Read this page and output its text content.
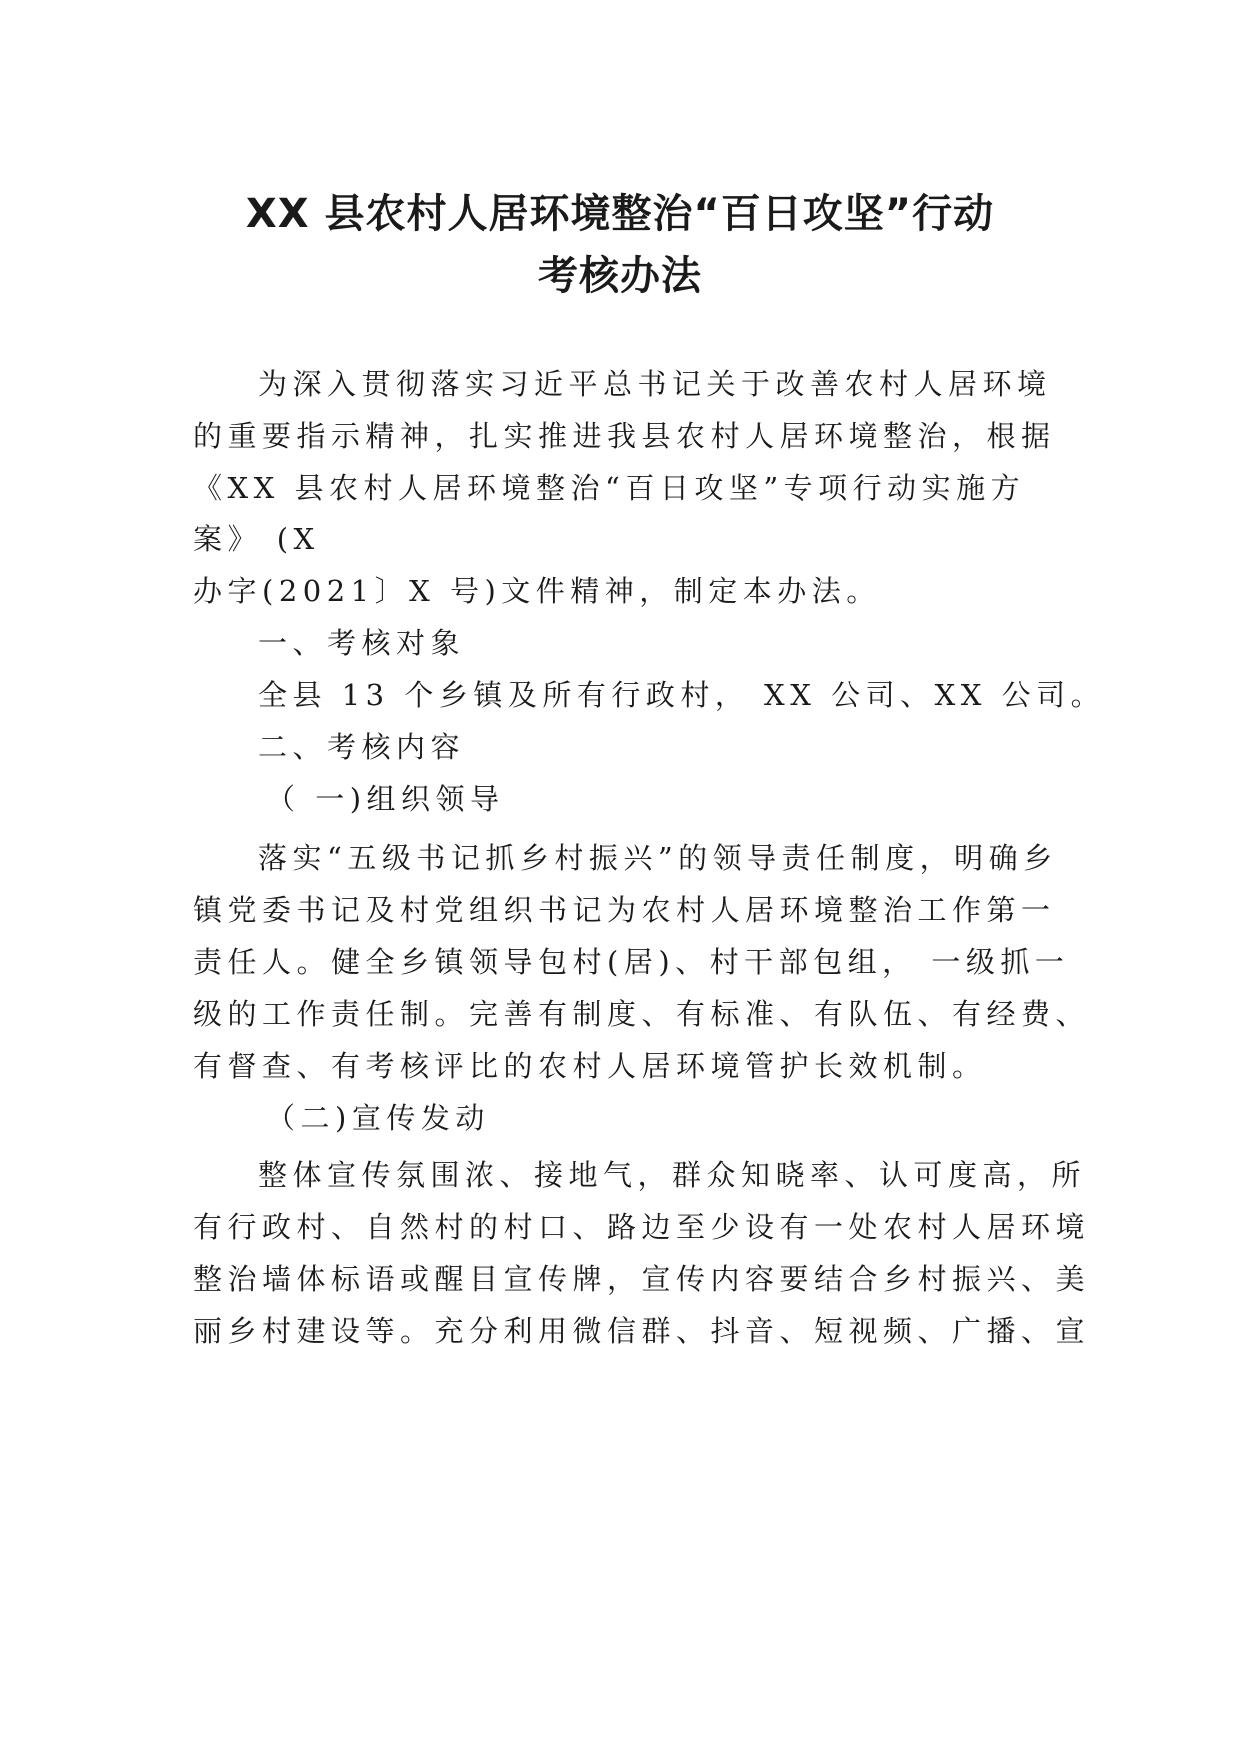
XX 县农村人居环境整治“百日攻坚”行动
考核办法
为深入贯彻落实习近平总书记关于改善农村人居环境
的重要指示精神，扎实推进我县农村人居环境整治，根据
《XX 县农村人居环境整治“百日攻坚”专项行动实施方
案》 (X
办字(2021〕X 号)文件精神，制定本办法。
一、考核对象
全县 13 个乡镇及所有行政村， XX 公司、XX 公司。
二、考核内容
（ 一)组织领导
落实“五级书记抓乡村振兴”的领导责任制度，明确乡
镇党委书记及村党组织书记为农村人居环境整治工作第一
责任人。健全乡镇领导包村(居)、村干部包组， 一级抓一
级的工作责任制。完善有制度、有标准、有队伍、有经费、
有督查、有考核评比的农村人居环境管护长效机制。
（二)宣传发动
整体宣传氛围浓、接地气，群众知晓率、认可度高，所
有行政村、自然村的村口、路边至少设有一处农村人居环境
整治墙体标语或醒目宣传牌，宣传内容要结合乡村振兴、美
丽乡村建设等。充分利用微信群、抖音、短视频、广播、宣
